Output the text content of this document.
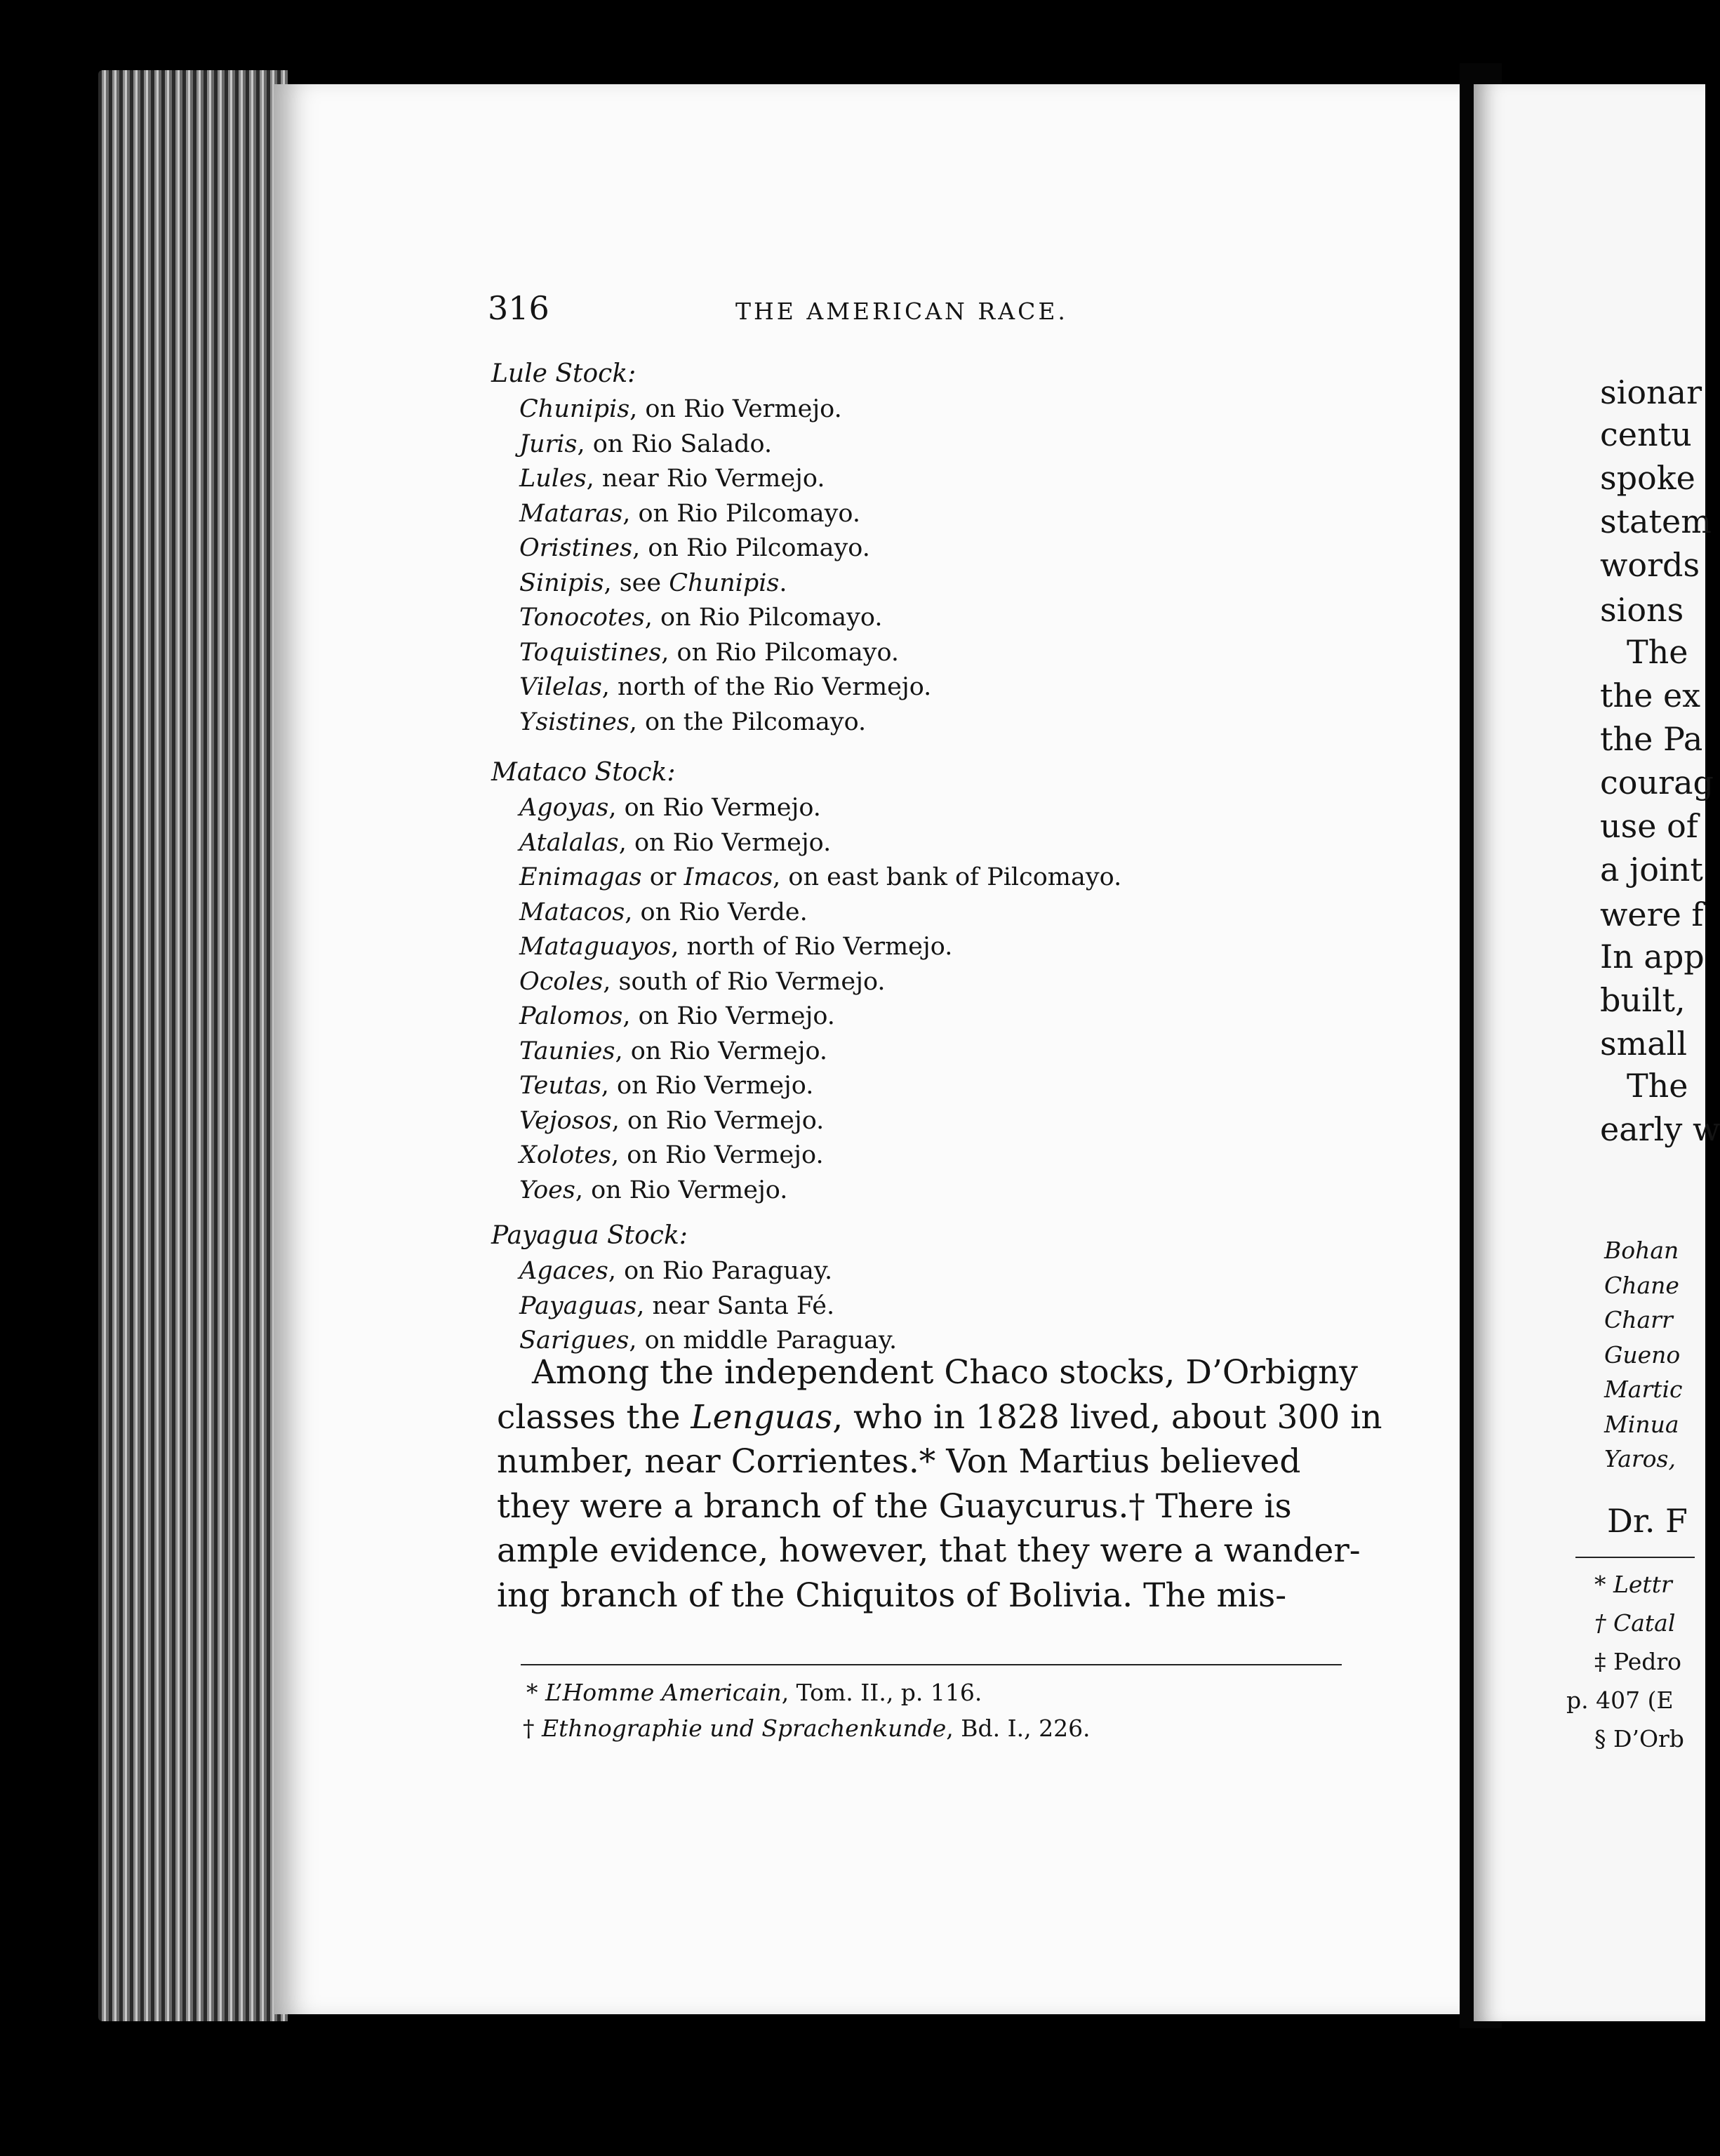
316	THE AMERICAN RACE.
Lule Stock:
Chunipis, on Rio Vermejo.
Juris, on Rio Salado.
Lules, near Rio Vermejo.
Mataras, on Rio Pilcomayo.
Oristines, on Rio Pilcomayo.
Sinipis, see Chunipis.
Tonocotes, on Rio Pilcomayo.
Toquistines, on Rio Pilcomayo.
Vilelas, north of the Rio Vermejo.
Ysistines, on the Pilcomayo.
Mataco Stock:
Agoyas, on Rio Vermejo.
Atalalas, on Rio Vermejo.
Enimagas or Imacos, on east bank of Pilcomayo.
Matacos, on Rio Verde.
Mataguayos, north of Rio Vermejo.
Ocoles, south of Rio Vermejo.
Palomos, on Rio Vermejo.
Taunies, on Rio Vermejo.
Teutas, on Rio Vermejo.
Vejosos, on Rio Vermejo.
Xolotes, on Rio Vermejo.
Yoes, on Rio Vermejo.
Payagua Stock:
Agaces, on Rio Paraguay.
Payaguas, near Santa Fé.
Sarigues, on middle Paraguay.
Among the independent Chaco stocks, D’Orbigny
classes the Lenguas, who in 1828 lived, about 300 in
number, near Corrientes.* Von Martius believed
they were a branch of the Guaycurus.† There is
ample evidence, however, that they were a wander-
ing branch of the Chiquitos of Bolivia. The mis-
* L’Homme Americain, Tom. II., p. 116.
† Ethnographie und Sprachenkunde, Bd. I., 226.
sionar
centu
spoke
statem
words
sions
The
the ex
the Pa
courag
use of
a joint
were f
In app
built,
small
The
early w
Bohan
Chane
Charr
Gueno
Martic
Minua
Yaros,
Dr. F
* Lettr
† Catal
‡ Pedro
p. 407 (E
§ D’Orb
